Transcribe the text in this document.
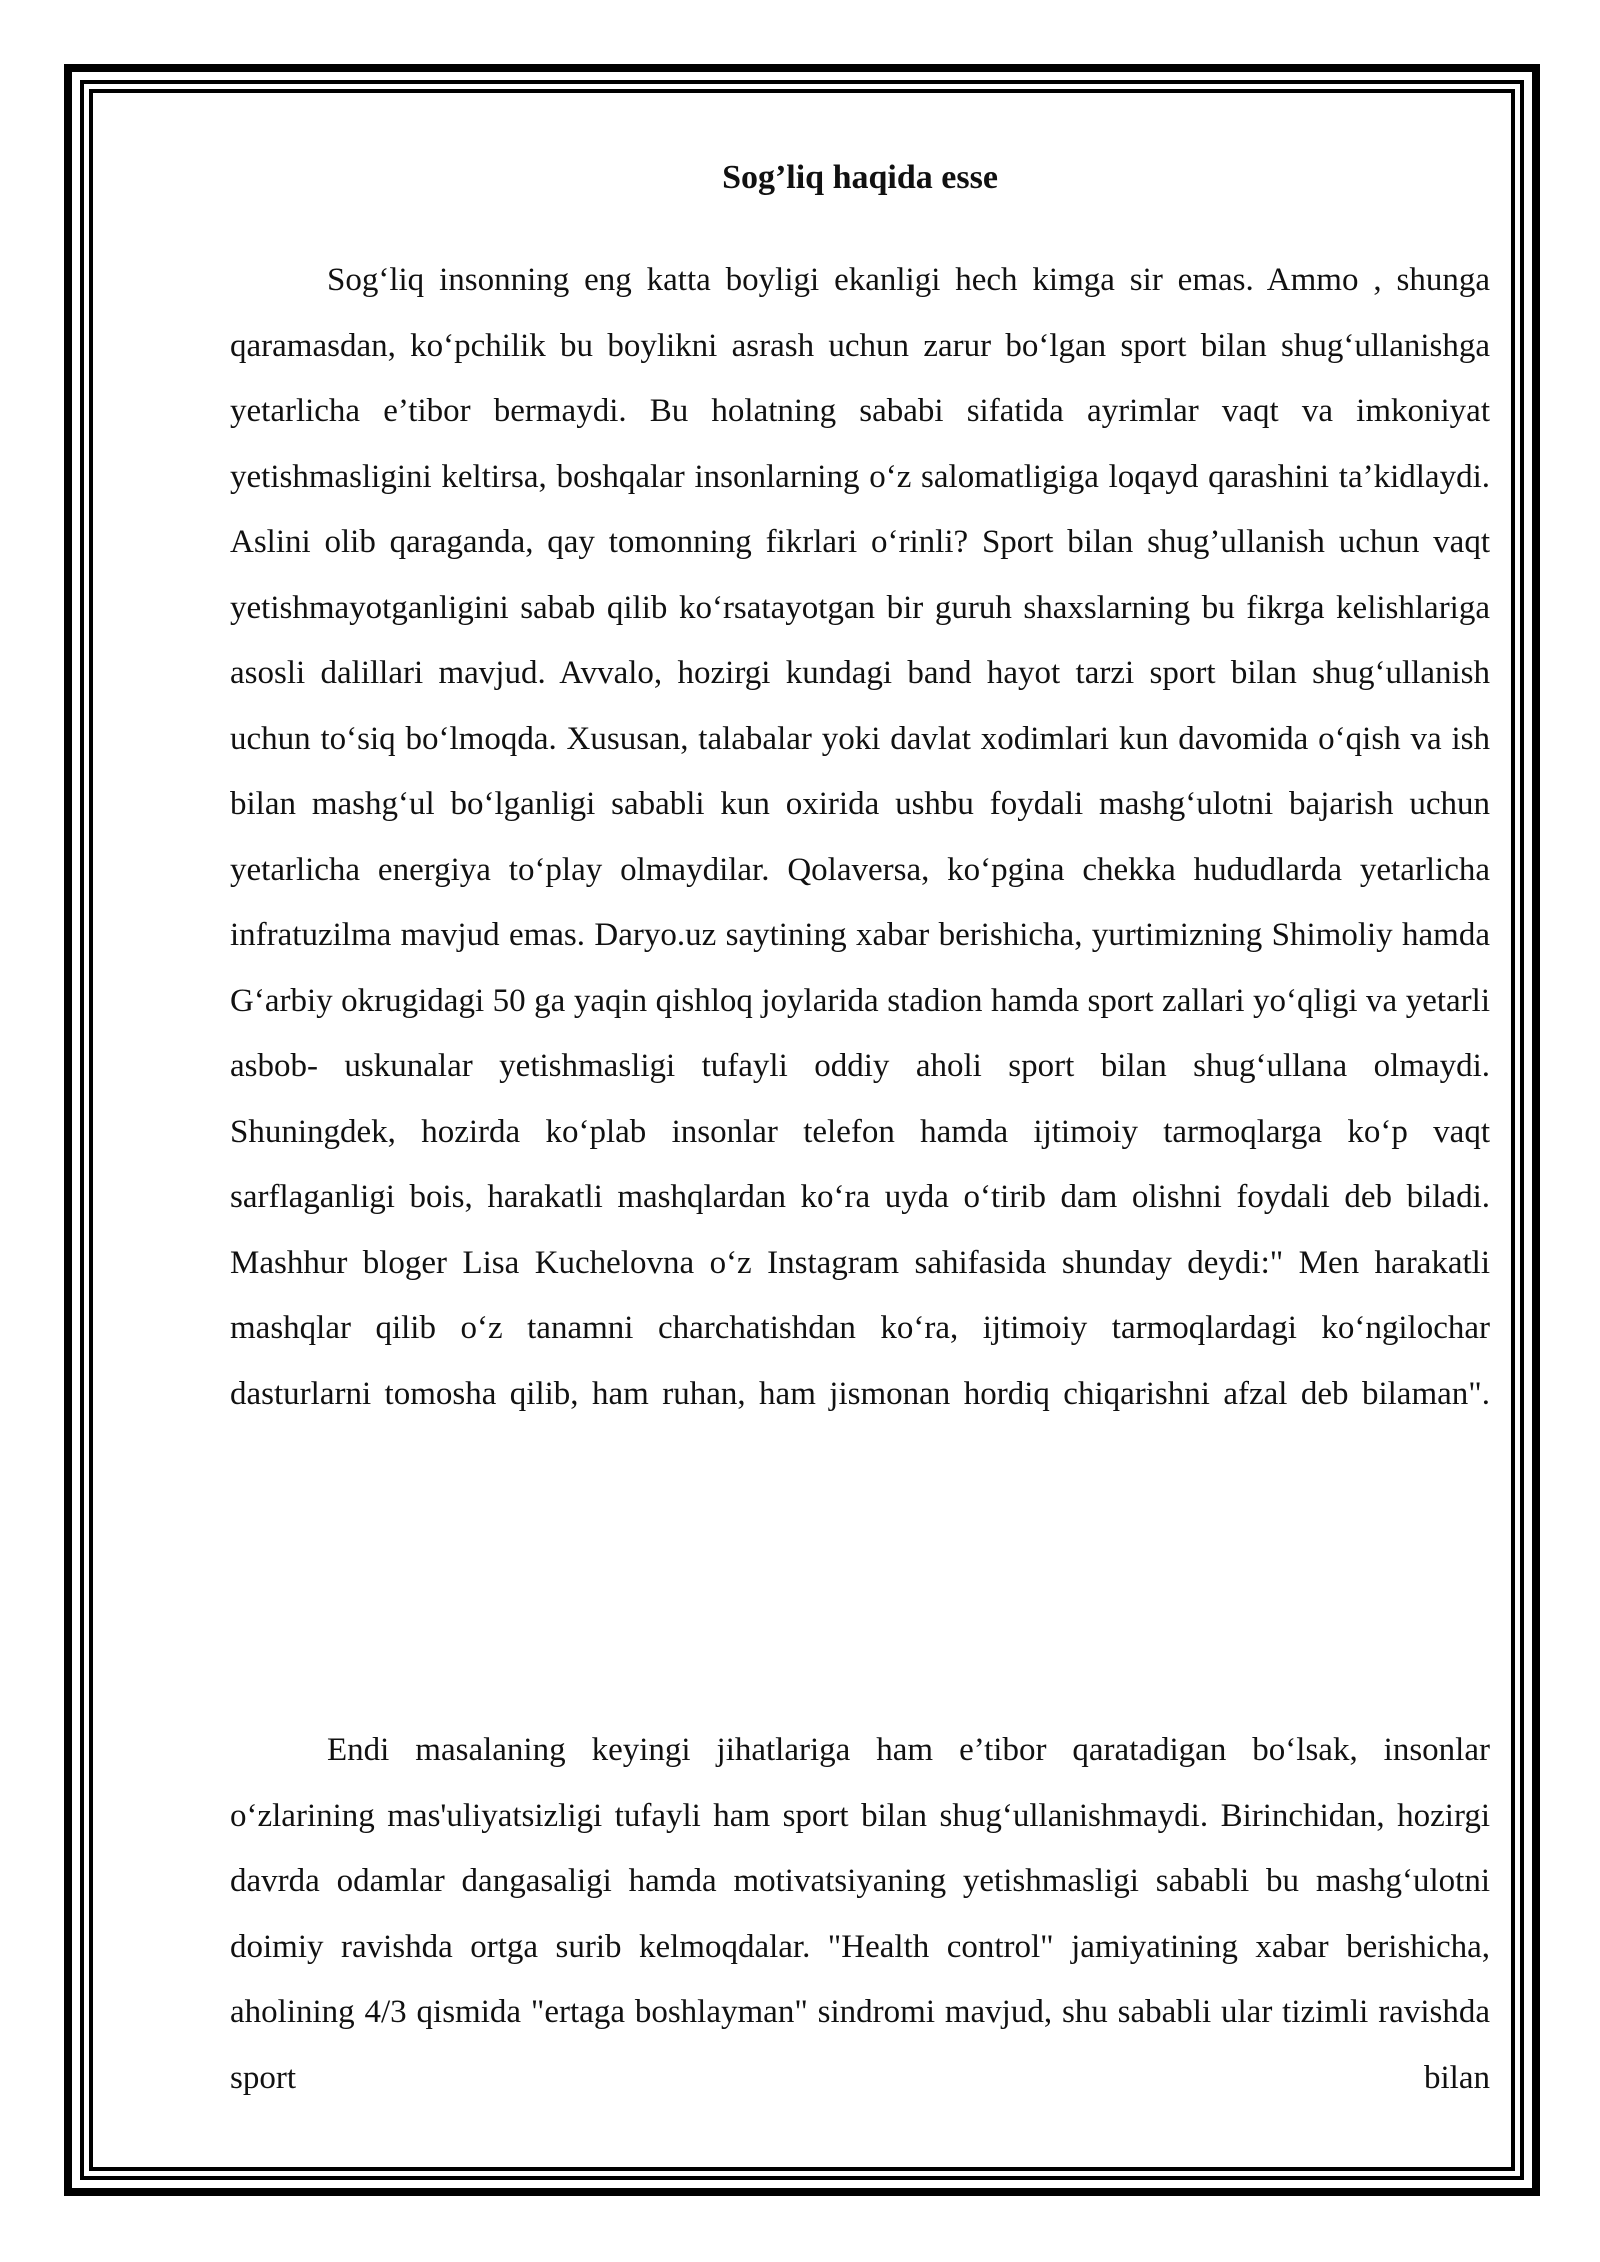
Sog’liq haqida esse

Sog‘liq insonning eng katta boyligi ekanligi hech kimga sir emas. Ammo , shunga qaramasdan, ko‘pchilik bu boylikni asrash uchun zarur bo‘lgan sport bilan shug‘ullanishga yetarlicha e’tibor bermaydi. Bu holatning sababi sifatida ayrimlar vaqt va imkoniyat yetishmasligini keltirsa, boshqalar insonlarning o‘z salomatligiga loqayd qarashini ta’kidlaydi. Aslini olib qaraganda, qay tomonning fikrlari o‘rinli? Sport bilan shug’ullanish uchun vaqt yetishmayotganligini sabab qilib ko‘rsatayotgan bir guruh shaxslarning bu fikrga kelishlariga asosli dalillari mavjud. Avvalo, hozirgi kundagi band hayot tarzi sport bilan shug‘ullanish uchun to‘siq bo‘lmoqda. Xususan, talabalar yoki davlat xodimlari kun davomida o‘qish va ish bilan mashg‘ul bo‘lganligi sababli kun oxirida ushbu foydali mashg‘ulotni bajarish uchun yetarlicha energiya to‘play olmaydilar. Qolaversa, ko‘pgina chekka hududlarda yetarlicha infratuzilma mavjud emas. Daryo.uz saytining xabar berishicha, yurtimizning Shimoliy hamda G‘arbiy okrugidagi 50 ga yaqin qishloq joylarida stadion hamda sport zallari yo‘qligi va yetarli asbob- uskunalar yetishmasligi tufayli oddiy aholi sport bilan shug‘ullana olmaydi. Shuningdek, hozirda ko‘plab insonlar telefon hamda ijtimoiy tarmoqlarga ko‘p vaqt sarflaganligi bois, harakatli mashqlardan ko‘ra uyda o‘tirib dam olishni foydali deb biladi. Mashhur bloger Lisa Kuchelovna o‘z Instagram sahifasida shunday deydi:" Men harakatli mashqlar qilib o‘z tanamni charchatishdan ko‘ra, ijtimoiy tarmoqlardagi ko‘ngilochar dasturlarni tomosha qilib, ham ruhan, ham jismonan hordiq chiqarishni afzal deb bilaman".

Endi masalaning keyingi jihatlariga ham e’tibor qaratadigan bo‘lsak, insonlar o‘zlarining mas'uliyatsizligi tufayli ham sport bilan shug‘ullanishmaydi. Birinchidan, hozirgi davrda odamlar dangasaligi hamda motivatsiyaning yetishmasligi sababli bu mashg‘ulotni doimiy ravishda ortga surib kelmoqdalar. "Health control" jamiyatining xabar berishicha, aholining 4/3 qismida "ertaga boshlayman" sindromi mavjud, shu sababli ular tizimli ravishda sport bilan
